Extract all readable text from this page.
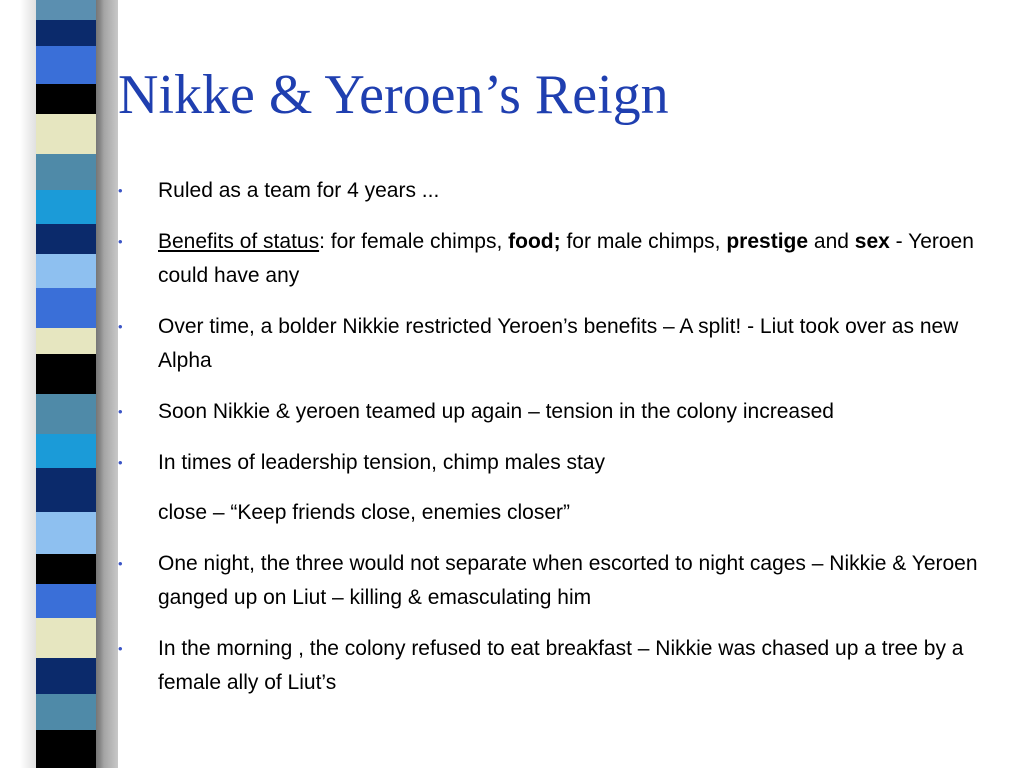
Nikke & Yeroen’s Reign
•	Ruled as a team for 4 years ...
•	Benefits of status: for female chimps, food; for male chimps, prestige and sex - Yeroen could have any
•	Over time, a bolder Nikkie restricted Yeroen’s benefits – A split! - Liut took over as new Alpha
•	Soon Nikkie & yeroen teamed up again – tension in the colony increased
•	In times of leadership tension, chimp males stay
close – “Keep friends close, enemies closer”
•	One night, the three would not separate when escorted to night cages – Nikkie & Yeroen ganged up on Liut – killing & emasculating him
•	In the morning , the colony refused to eat breakfast – Nikkie was chased up a tree by a female ally of Liut’s
